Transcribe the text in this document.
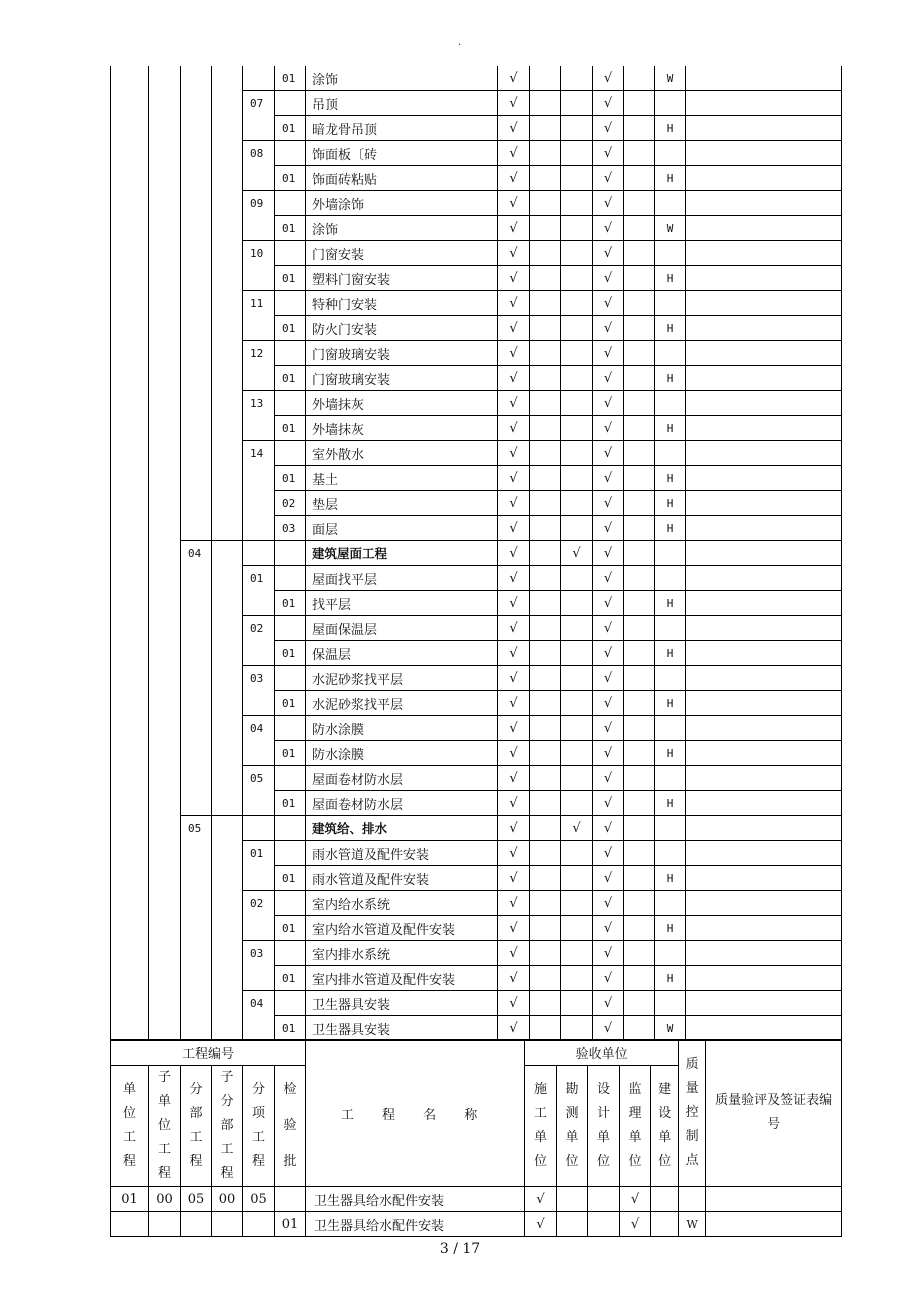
.
					01	涂饰	√			√		W	
				07		吊顶	√			√			
					01	暗龙骨吊顶	√			√		H	
				08		饰面板〔砖	√			√			
					01	饰面砖粘贴	√			√		H	
				09		外墙涂饰	√			√			
					01	涂饰	√			√		W	
				10		门窗安装	√			√			
					01	塑料门窗安装	√			√		H	
				11		特种门安装	√			√			
					01	防火门安装	√			√		H	
				12		门窗玻璃安装	√			√			
					01	门窗玻璃安装	√			√		H	
				13		外墙抹灰	√			√			
					01	外墙抹灰	√			√		H	
				14		室外散水	√			√			
					01	基土	√			√		H	
					02	垫层	√			√		H	
					03	面层	√			√		H	
		04				建筑屋面工程	√		√	√			
				01		屋面找平层	√			√			
					01	找平层	√			√		H	
				02		屋面保温层	√			√			
					01	保温层	√			√		H	
				03		水泥砂浆找平层	√			√			
					01	水泥砂浆找平层	√			√		H	
				04		防水涂膜	√			√			
					01	防水涂膜	√			√		H	
				05		屋面卷材防水层	√			√			
					01	屋面卷材防水层	√			√		H	
		05				建筑给、排水	√		√	√			
				01		雨水管道及配件安装	√			√			
					01	雨水管道及配件安装	√			√		H	
				02		室内给水系统	√			√			
					01	室内给水管道及配件安装	√			√		H	
				03		室内排水系统	√			√			
					01	室内排水管道及配件安装	√			√		H	
				04		卫生器具安装	√			√			
					01	卫生器具安装	√			√		W	
工程编号						工 程 名 称	验收单位					质量控制点	质量验评及签证表编号

单位工程	子单位工程	分部工程	子分部工程	分项工程	检验批		施工单位	勘测单位	设计单位	监理单位	建设单位		
01	00	05	00	05		卫生器具给水配件安装	√			√			
					01	卫生器具给水配件安装	√			√		W	
3 / 17
